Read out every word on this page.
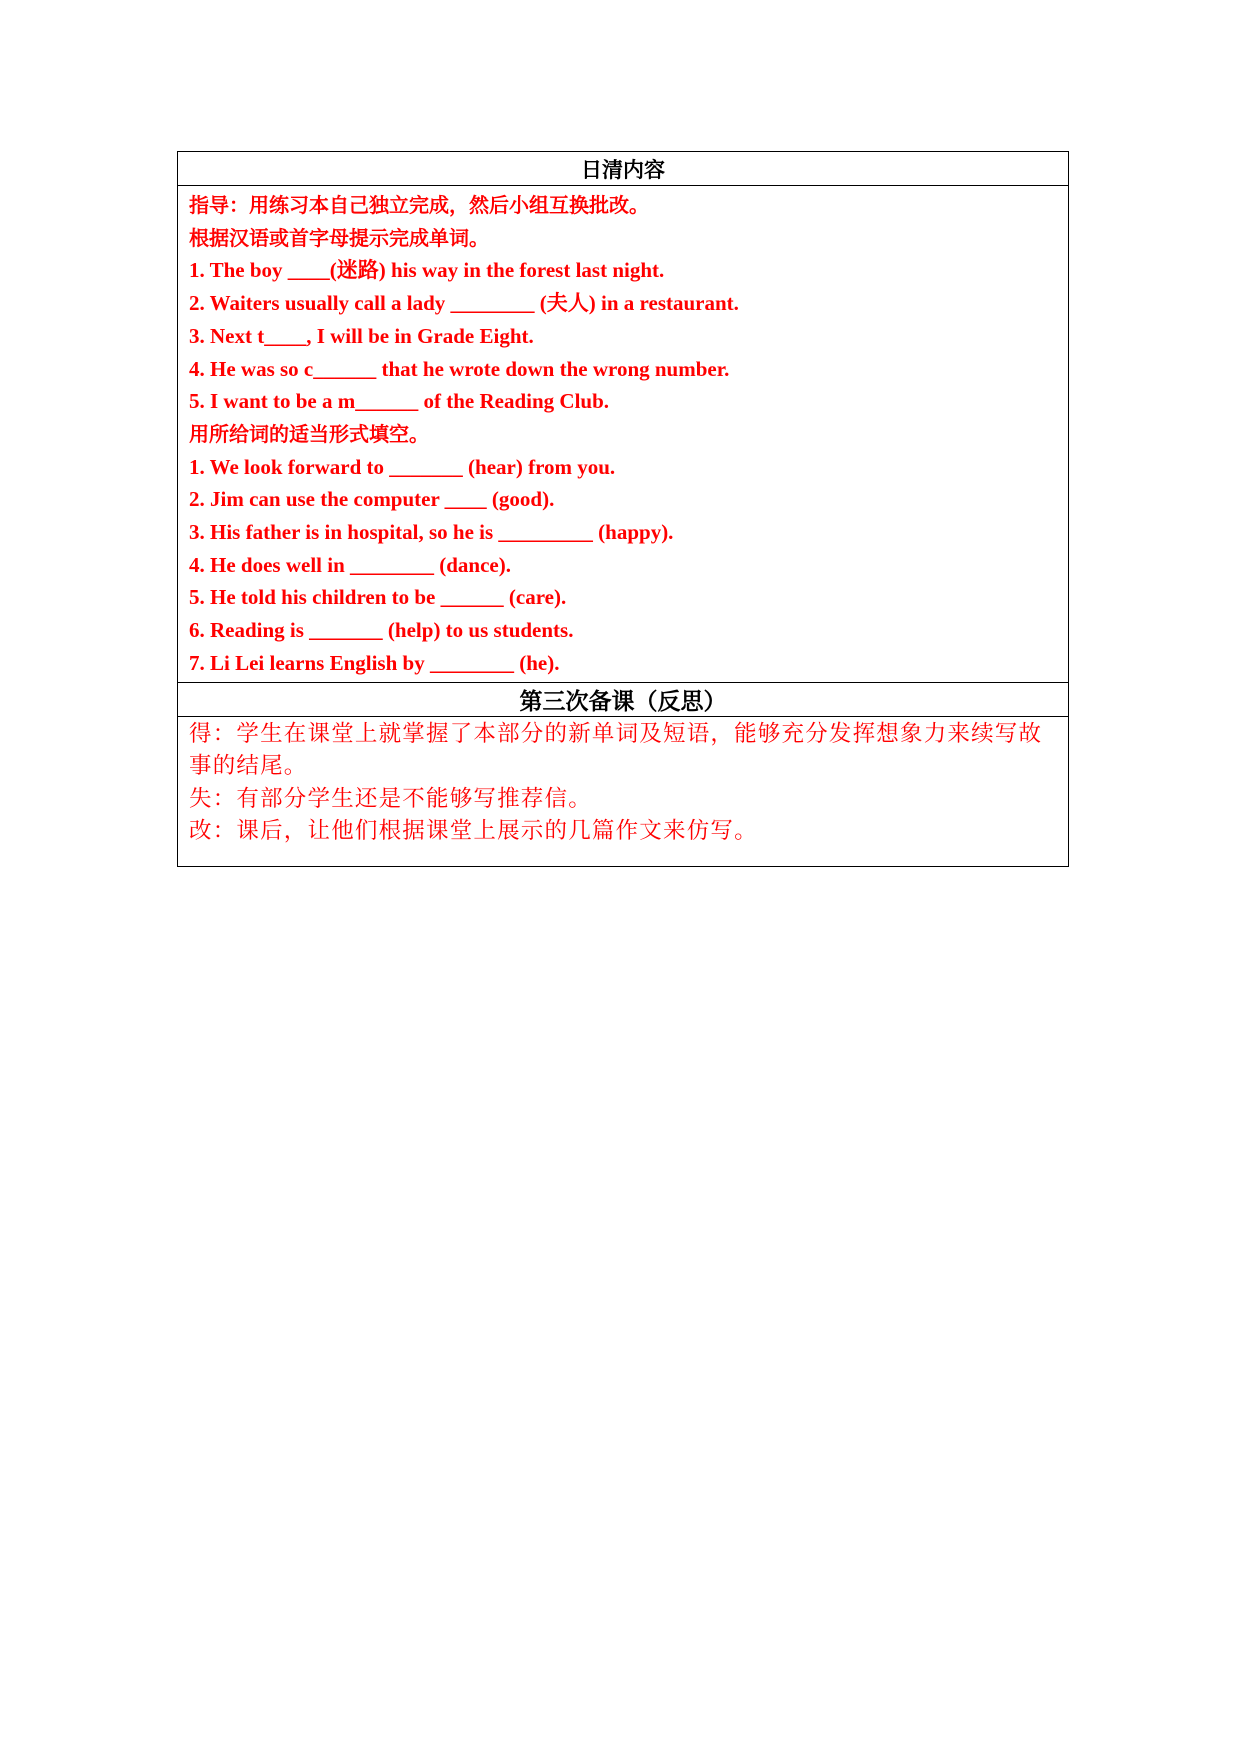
日清内容
指导：用练习本自己独立完成，然后小组互换批改。
根据汉语或首字母提示完成单词。
1. The boy ____(迷路) his way in the forest last night.
2. Waiters usually call a lady ________ (夫人) in a restaurant.
3. Next t____, I will be in Grade Eight.
4. He was so c______ that he wrote down the wrong number.
5. I want to be a m______ of the Reading Club.
用所给词的适当形式填空。
1. We look forward to _______ (hear) from you.
2. Jim can use the computer ____ (good).
3. His father is in hospital, so he is _________ (happy).
4. He does well in ________ (dance).
5. He told his children to be ______ (care).
6. Reading is _______ (help) to us students.
7. Li Lei learns English by ________ (he).
第三次备课（反思）
得：学生在课堂上就掌握了本部分的新单词及短语，能够充分发挥想象力来续写故事的结尾。
失：有部分学生还是不能够写推荐信。
改：课后，让他们根据课堂上展示的几篇作文来仿写。
